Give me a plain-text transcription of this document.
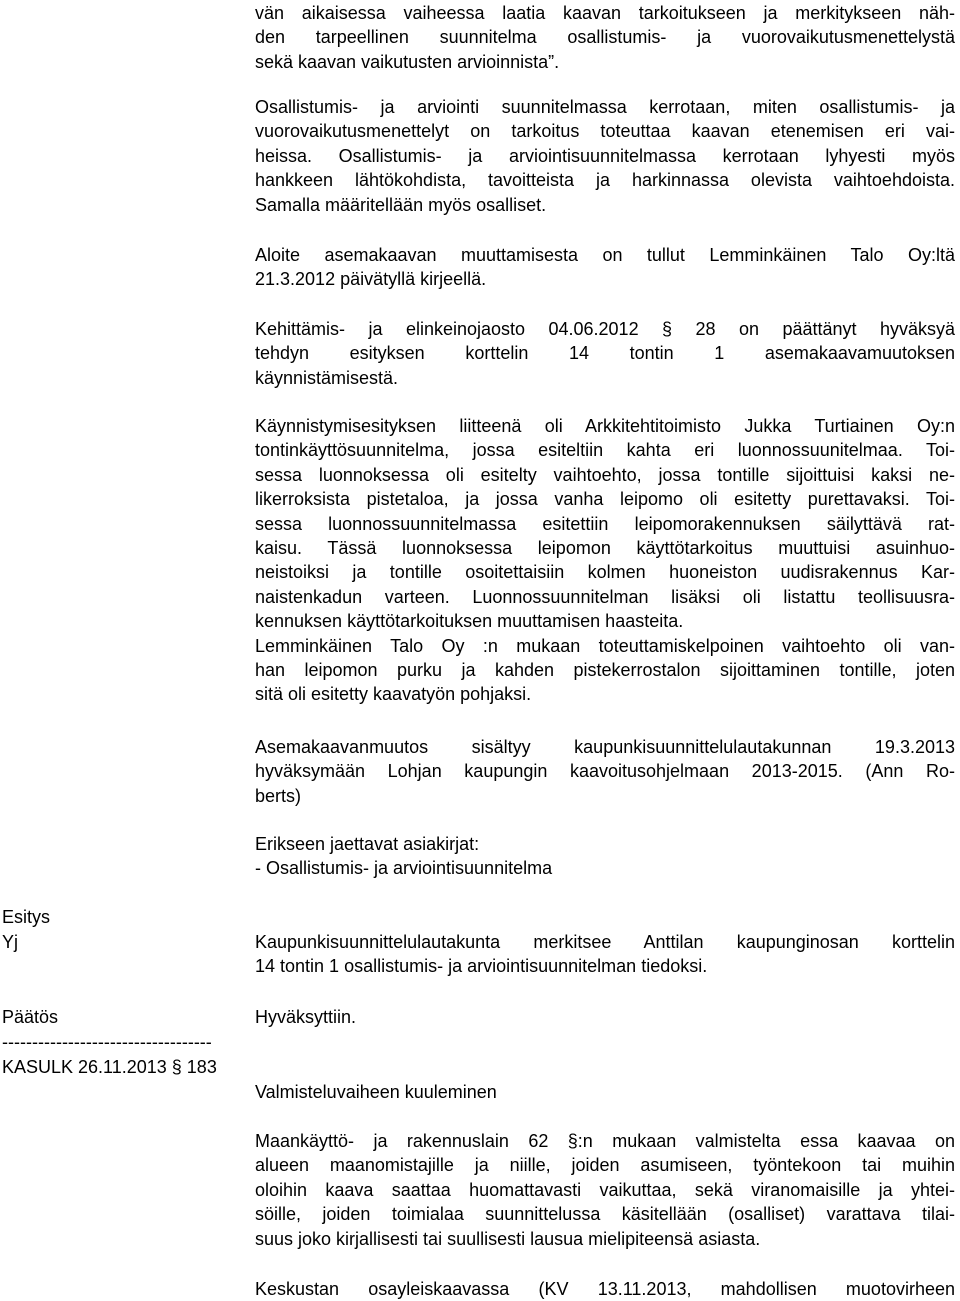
vän aikaisessa vaiheessa laatia kaavan tarkoitukseen ja merkitykseen näh-
den tarpeellinen suunnitelma osallistumis- ja vuorovaikutusmenettelystä
sekä kaavan vaikutusten arvioinnista”.
Osallistumis- ja arviointi suunnitelmassa kerrotaan, miten osallistumis- ja
vuorovaikutusmenettelyt on tarkoitus toteuttaa kaavan etenemisen eri vai-
heissa. Osallistumis- ja arviointisuunnitelmassa kerrotaan lyhyesti myös
hankkeen lähtökohdista, tavoitteista ja harkinnassa olevista vaihtoehdoista.
Samalla määritellään myös osalliset.
Aloite asemakaavan muuttamisesta on tullut Lemminkäinen Talo Oy:ltä
21.3.2012 päivätyllä kirjeellä.
Kehittämis- ja elinkeinojaosto 04.06.2012 § 28 on päättänyt hyväksyä
tehdyn esityksen korttelin 14 tontin 1 asemakaavamuutoksen
käynnistämisestä.
Käynnistymisesityksen liitteenä oli Arkkitehtitoimisto Jukka Turtiainen Oy:n
tontinkäyttösuunnitelma, jossa esiteltiin kahta eri luonnossuunitelmaa. Toi-
sessa luonnoksessa oli esitelty vaihtoehto, jossa tontille sijoittuisi kaksi ne-
likerroksista pistetaloa, ja jossa vanha leipomo oli esitetty purettavaksi. Toi-
sessa luonnossuunnitelmassa esitettiin leipomorakennuksen säilyttävä rat-
kaisu. Tässä luonnoksessa leipomon käyttötarkoitus muuttuisi asuinhuo-
neistoiksi ja tontille osoitettaisiin kolmen huoneiston uudisrakennus Kar-
naistenkadun varteen. Luonnossuunnitelman lisäksi oli listattu teollisuusra-
kennuksen käyttötarkoituksen muuttamisen haasteita.
Lemminkäinen Talo Oy :n mukaan toteuttamiskelpoinen vaihtoehto oli van-
han leipomon purku ja kahden pistekerrostalon sijoittaminen tontille, joten
sitä oli esitetty kaavatyön pohjaksi.
Asemakaavanmuutos sisältyy kaupunkisuunnittelulautakunnan 19.3.2013
hyväksymään Lohjan kaupungin kaavoitusohjelmaan 2013-2015. (Ann Ro-
berts)
Erikseen jaettavat asiakirjat:
- Osallistumis- ja arviointisuunnitelma
Kaupunkisuunnittelulautakunta merkitsee Anttilan kaupunginosan korttelin
14 tontin 1 osallistumis- ja arviointisuunnitelman tiedoksi.
Maankäyttö- ja rakennuslain 62 §:n mukaan valmistelta essa kaavaa on
alueen maanomistajille ja niille, joiden asumiseen, työntekoon tai muihin
oloihin kaava saattaa huomattavasti vaikuttaa, sekä viranomaisille ja yhtei-
söille, joiden toimialaa suunnittelussa käsitellään (osalliset) varattava tilai-
suus joko kirjallisesti tai suullisesti lausua mielipiteensä asiasta.
Keskustan osayleiskaavassa (KV 13.11.2013, mahdollisen muotovirheen
Hyväksyttiin.
Valmisteluvaiheen kuuleminen
Esitys
Yj
Päätös
-----------------------------------
KASULK 26.11.2013 § 183
